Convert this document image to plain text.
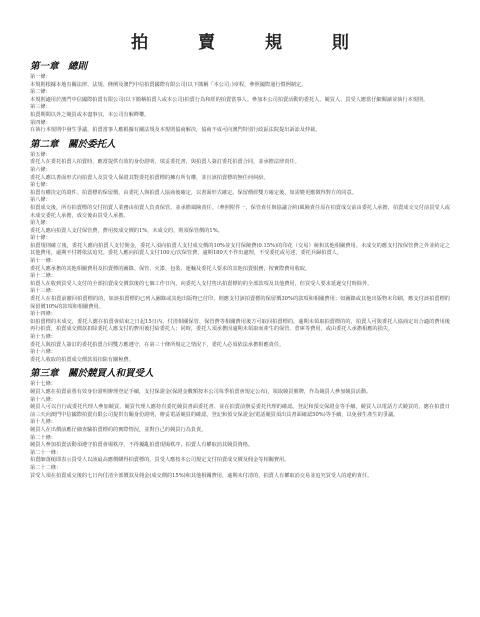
拍 賣 規 則
第一章　總則
第一條：
本規則根據本地有關法律、法規、條例及澳門中信拍賣國際有限公司(以下簡稱「本公司」)章程，參照國際通行慣例制定。
第二條：
本規則適用於澳門中信國際拍賣有限公司(以下簡稱拍賣人或本公司)拍賣行為和經的拍賣當事人。參加本公司拍賣活動的委托人、競買人、買受人應當仔細閱讀並執行本規則。
第三條：
拍賣期間以外之競買或本盡事宜，本公司有解釋權。
第四條：
在執行本規則中發生爭議，拍賣當事人應根據有關法規及本規則協商解決，協商不成可向澳門特別行政區法院提出訴訟及仲裁。
第二章　關於委托人
第五條：
委托人在委托拍賣人拍賣時，應當提供有效的身份證明，填妥委托書，與拍賣人簽訂委托拍賣合同，並承擔法律責任。
第六條：
委托人應以書面形式向拍賣人及買受人保證其對委托拍賣標的擁有所有權，並且該拍賣標的無任何糾紛。
第七條：
拍賣有權決定的證件、拍賣標的保留價，由委托人與拍賣人協商後確定，以書面形式確定。保留價經雙方確定後，如需變更應徵得對方的同意。
第八條：
拍賣成交後，所有拍賣標的交付拍賣人業務由拍賣人負責保管，並承擔風險責任。（參照附件一、保管責任與協議合約)風險責任原在拍賣成交前由委托人承擔，拍賣成交交付前買受人或未成交委托人承擔，成交後由買受人承擔。
第九條：
委托人應向拍賣人支付保管費，費用按成交價的1%，未成交的，則須保管價的1%。
第十條：
拍賣規則確立後，委托人應向拍賣人支付佣金，委托人須向拍賣人支付成交價的10%並支付保險費(0.15%)的印花（交易）稅和其他相關費用。未成交的應支付按保管費之外並約定之其他費用，逾期不付將依法追究。委托人應向拍賣人支付100元/次保管費，逾期180天不作出處理，不受委托或另述，委托兵歸拍賣人。
第十一條：
委托人應承擔的其他相關費用及拍賣標的圖錄、保管、火漆、包裝、運輸及委托人要求的其他拍賣服務，按實際費用收取。
第十二條：
拍賣人在收到買受人支付的全部拍賣成交價款後的七個工作日內，向委托人支付售出拍賣標的的全部款項及其他費用，但買受人要求延遲交付時除外。
第十三條：
委托人在拍賣前撤回拍賣標的的，如該拍賣標的已列入圖錄或其他出版物已付印，則應支付該拍賣標的保留價30%的款項和相關費用；如圖錄或其他出版物未印刷，應支付該拍賣標的保留價10%的款項和相關費用。
第十四條：
如拍賣標的未成交，委托人應在拍賣會結束之日起15日內，付清相關保管、保管費等相關費用後方可取回拍賣標的。逾期未領取拍賣標的的，拍賣人可與委托人協商定出合適的費用後再行拍賣，拍賣成交價款扣除委托人應支付的費用後付給委托人；同時，委托人須承擔因逾期未領取而產生的保管、倉庫等費用，或由委托人承擔相應的損失。
第十五條：
委托人與拍賣人簽訂的委托拍賣合同雙方應遵守，在第三十條所規定之情況下，委托人必須依法承擔相應責任。
第十六條：
委托人收取的拍賣成交價款須扣除有關稅費。
第三章　關於競買人和買受人
第十七條：
競買人應在拍賣前憑有效身份證明辦理登記手續，支付保證金(保證金數額按本公司每季拍賣會規定公布)，領取競買號牌，作為競買人參加競買活動。
第十八條：
競買人可以自行或委托代理人參加競買。競買代理人應持有委托競買書面委托書、並在拍賣前辦妥委托代理的確認。登記和預交保證金等手續。競買人以電話方式競買的，應在拍賣日前三天向澳門中信國際拍賣有限公司提供有關身份證明，辦妥電話競買的確認，登記和預交保證金(電話競買須出具書面確認50%)等手續，以免發生產生的爭議。
第十九條：
競買人在出價前應仔細查驗拍賣標的的實際情況，並對自己的競買行為負責。
第二十條：
競買人參加拍賣活動須遵守拍賣會場秩序，不得擾亂拍賣現場秩序，拍賣人有權取消其競買資格。
第二十一條：
拍賣師落槌即表示買受人以該最高應價購得拍賣標的。買受人應按本公司規定支付拍賣成交價及佣金等相關費用。
第二十二條：
買受人須在拍賣成交後的七日內付清全部價款及佣金(成交價的15%)和其他相關費用，逾期未付清的，拍賣人有權取消交易並追究買受人的違約責任。
